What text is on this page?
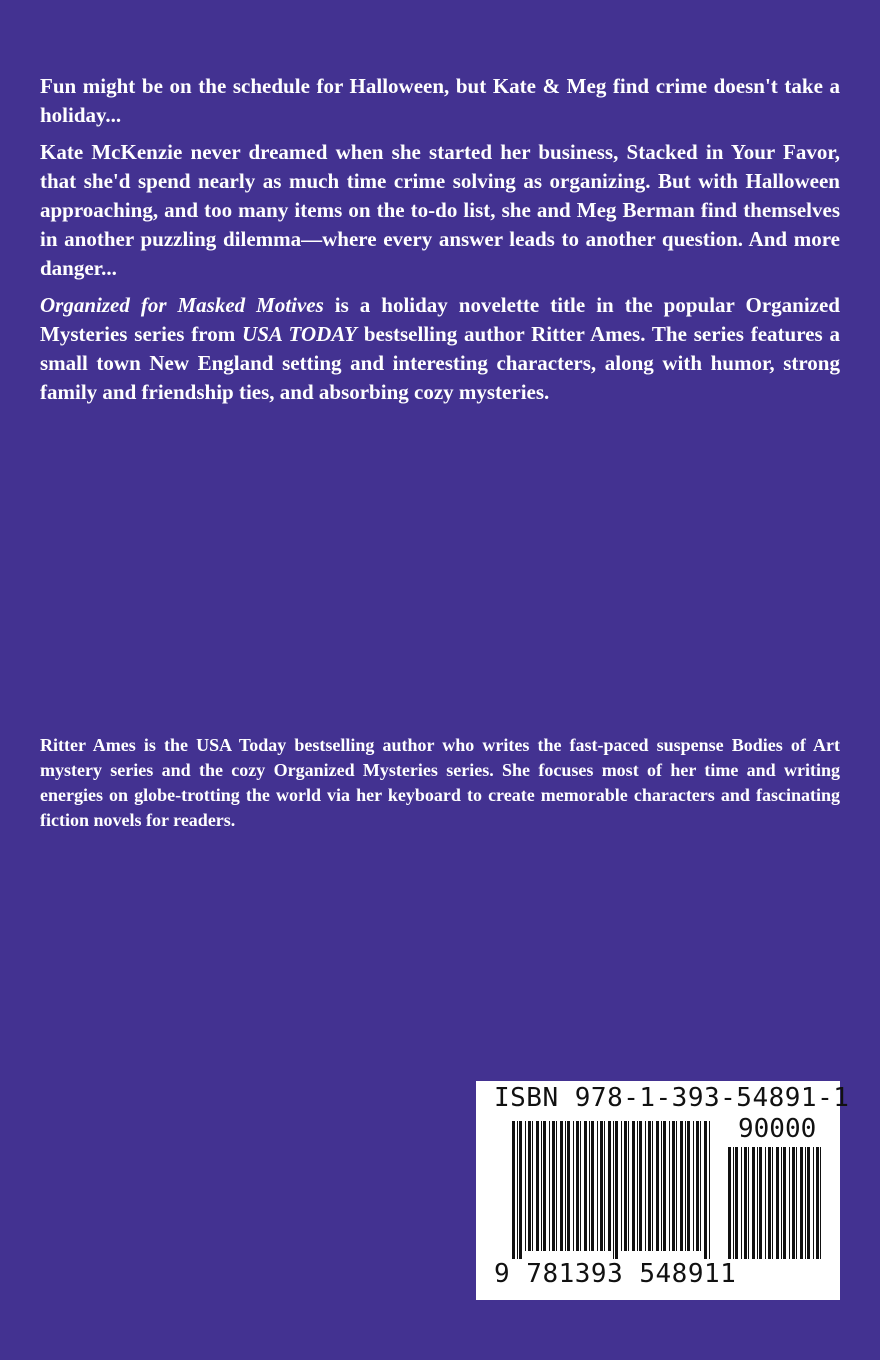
Fun might be on the schedule for Halloween, but Kate & Meg find crime doesn't take a holiday...

Kate McKenzie never dreamed when she started her business, Stacked in Your Favor, that she'd spend nearly as much time crime solving as organizing. But with Halloween approaching, and too many items on the to-do list, she and Meg Berman find themselves in another puzzling dilemma—where every answer leads to another question. And more danger...

Organized for Masked Motives is a holiday novelette title in the popular Organized Mysteries series from USA TODAY bestselling author Ritter Ames. The series features a small town New England setting and interesting characters, along with humor, strong family and friendship ties, and absorbing cozy mysteries.

Ritter Ames is the USA Today bestselling author who writes the fast-paced suspense Bodies of Art mystery series and the cozy Organized Mysteries series. She focuses most of her time and writing energies on globe-trotting the world via her keyboard to create memorable characters and fascinating fiction novels for readers.

ISBN 978-1-393-54891-1
90000
9 781393 548911
